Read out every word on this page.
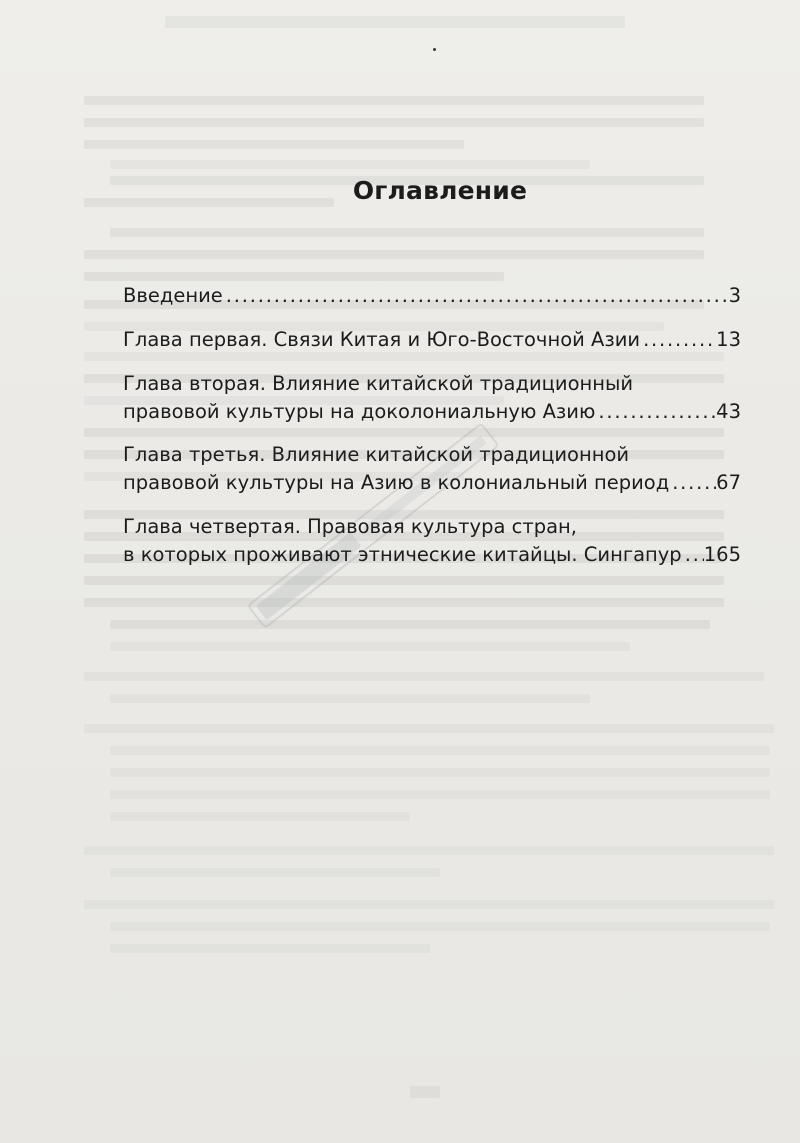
Оглавление
Введение . . .	3
Глава первая. Связи Китая и Юго-Восточной Азии . . .	13
Глава вторая. Влияние китайской традиционный
правовой культуры на доколониальную Азию . . .	43
Глава третья. Влияние китайской традиционной
правовой культуры на Азию в колониальный период . . . 67
Глава четвертая. Правовая культура стран,
в которых проживают этнические китайцы. Сингапур . . . 165
